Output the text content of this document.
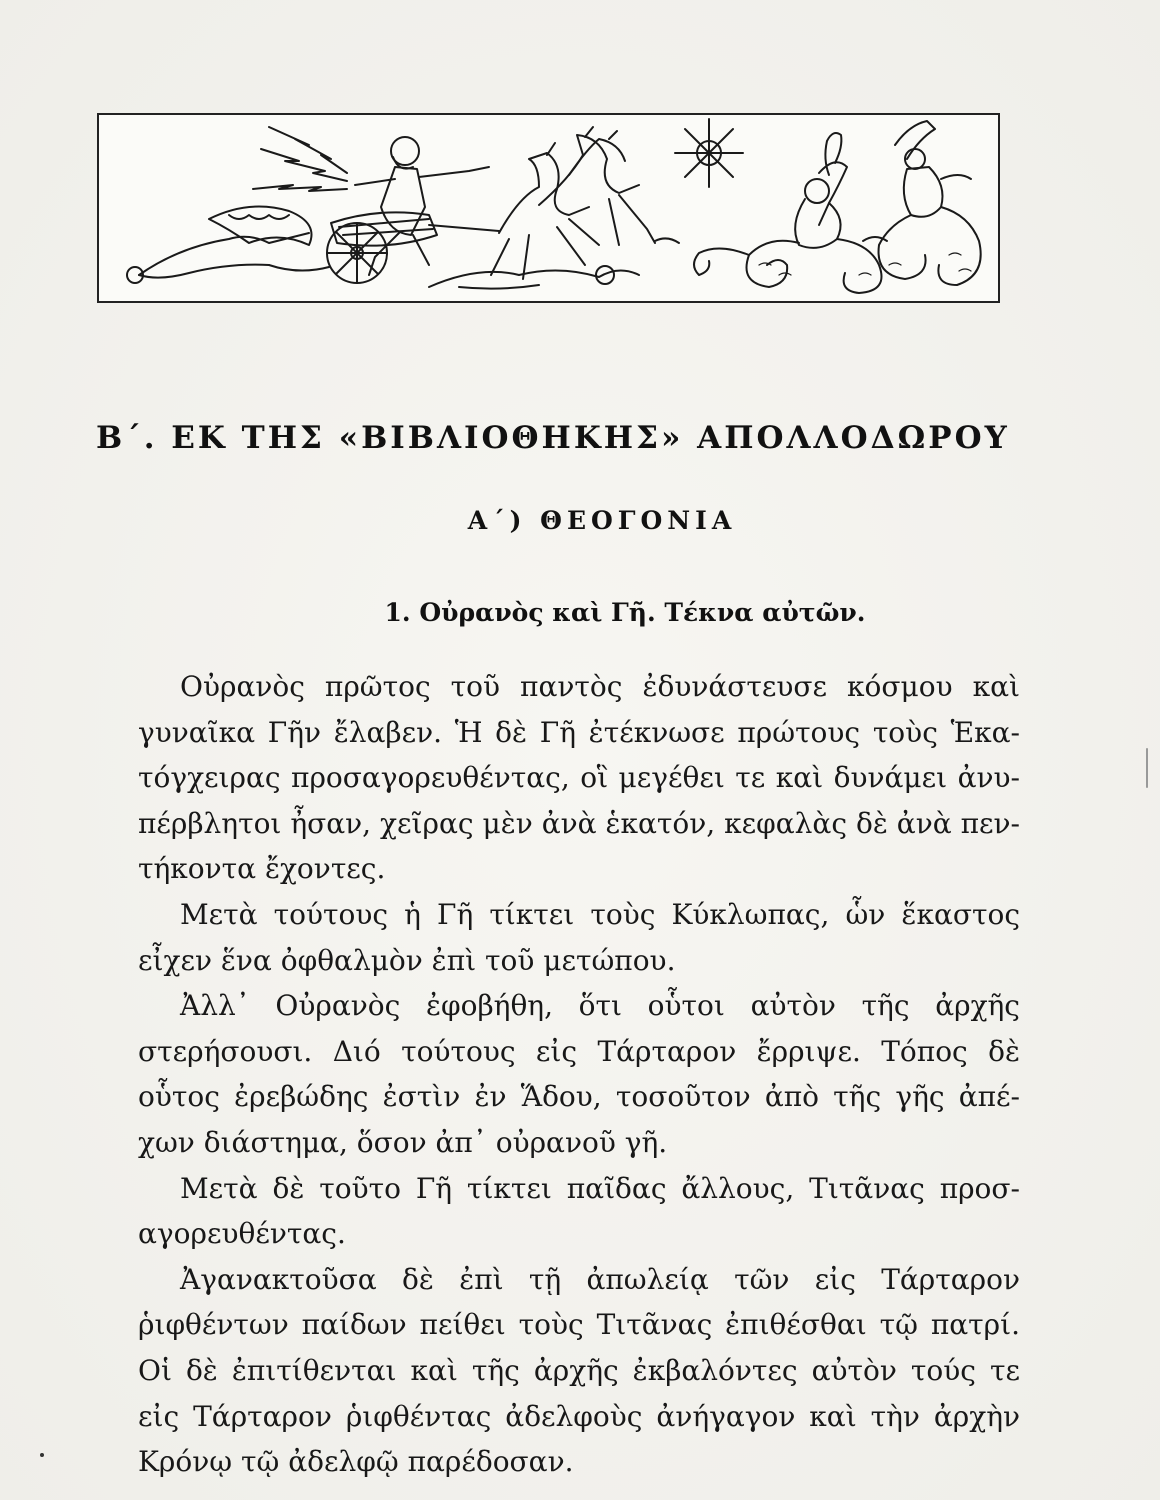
Β΄. ΕΚ ΤΗΣ «ΒΙΒΛΙΟΘΗΚΗΣ» ΑΠΟΛΛΟΔΩΡΟΥ
Α΄) ΘΕΟΓΟΝΙΑ
1. Οὐρανὸς καὶ Γῆ. Τέκνα αὐτῶν.
Οὐρανὸς πρῶτος τοῦ παντὸς ἐδυνάστευσε κόσμου καὶ
γυναῖκα Γῆν ἔλαβεν. Ἡ δὲ Γῆ ἐτέκνωσε πρώτους τοὺς Ἑκα-
τόγχειρας προσαγορευθέντας, οἳ μεγέθει τε καὶ δυνάμει ἀνυ-
πέρβλητοι ἦσαν, χεῖρας μὲν ἀνὰ ἑκατόν, κεφαλὰς δὲ ἀνὰ πεν-
τήκοντα ἔχοντες.
Μετὰ τούτους ἡ Γῆ τίκτει τοὺς Κύκλωπας, ὧν ἕκαστος
εἶχεν ἕνα ὀφθαλμὸν ἐπὶ τοῦ μετώπου.
Ἀλλ᾽ Οὐρανὸς ἐφοβήθη, ὅτι οὗτοι αὐτὸν τῆς ἀρχῆς
στερήσουσι. Διό τούτους εἰς Τάρταρον ἔρριψε. Τόπος δὲ
οὗτος ἐρεβώδης ἐστὶν ἐν Ἅδου, τοσοῦτον ἀπὸ τῆς γῆς ἀπέ-
χων διάστημα, ὅσον ἀπ᾽ οὐρανοῦ γῆ.
Μετὰ δὲ τοῦτο Γῆ τίκτει παῖδας ἄλλους, Τιτᾶνας προσ-
αγορευθέντας.
Ἀγανακτοῦσα δὲ ἐπὶ τῇ ἀπωλείᾳ τῶν εἰς Τάρταρον
ῥιφθέντων παίδων πείθει τοὺς Τιτᾶνας ἐπιθέσθαι τῷ πατρί.
Οἱ δὲ ἐπιτίθενται καὶ τῆς ἀρχῆς ἐκβαλόντες αὐτὸν τούς τε
εἰς Τάρταρον ῥιφθέντας ἀδελφοὺς ἀνήγαγον καὶ τὴν ἀρχὴν
Κρόνῳ τῷ ἀδελφῷ παρέδοσαν.
